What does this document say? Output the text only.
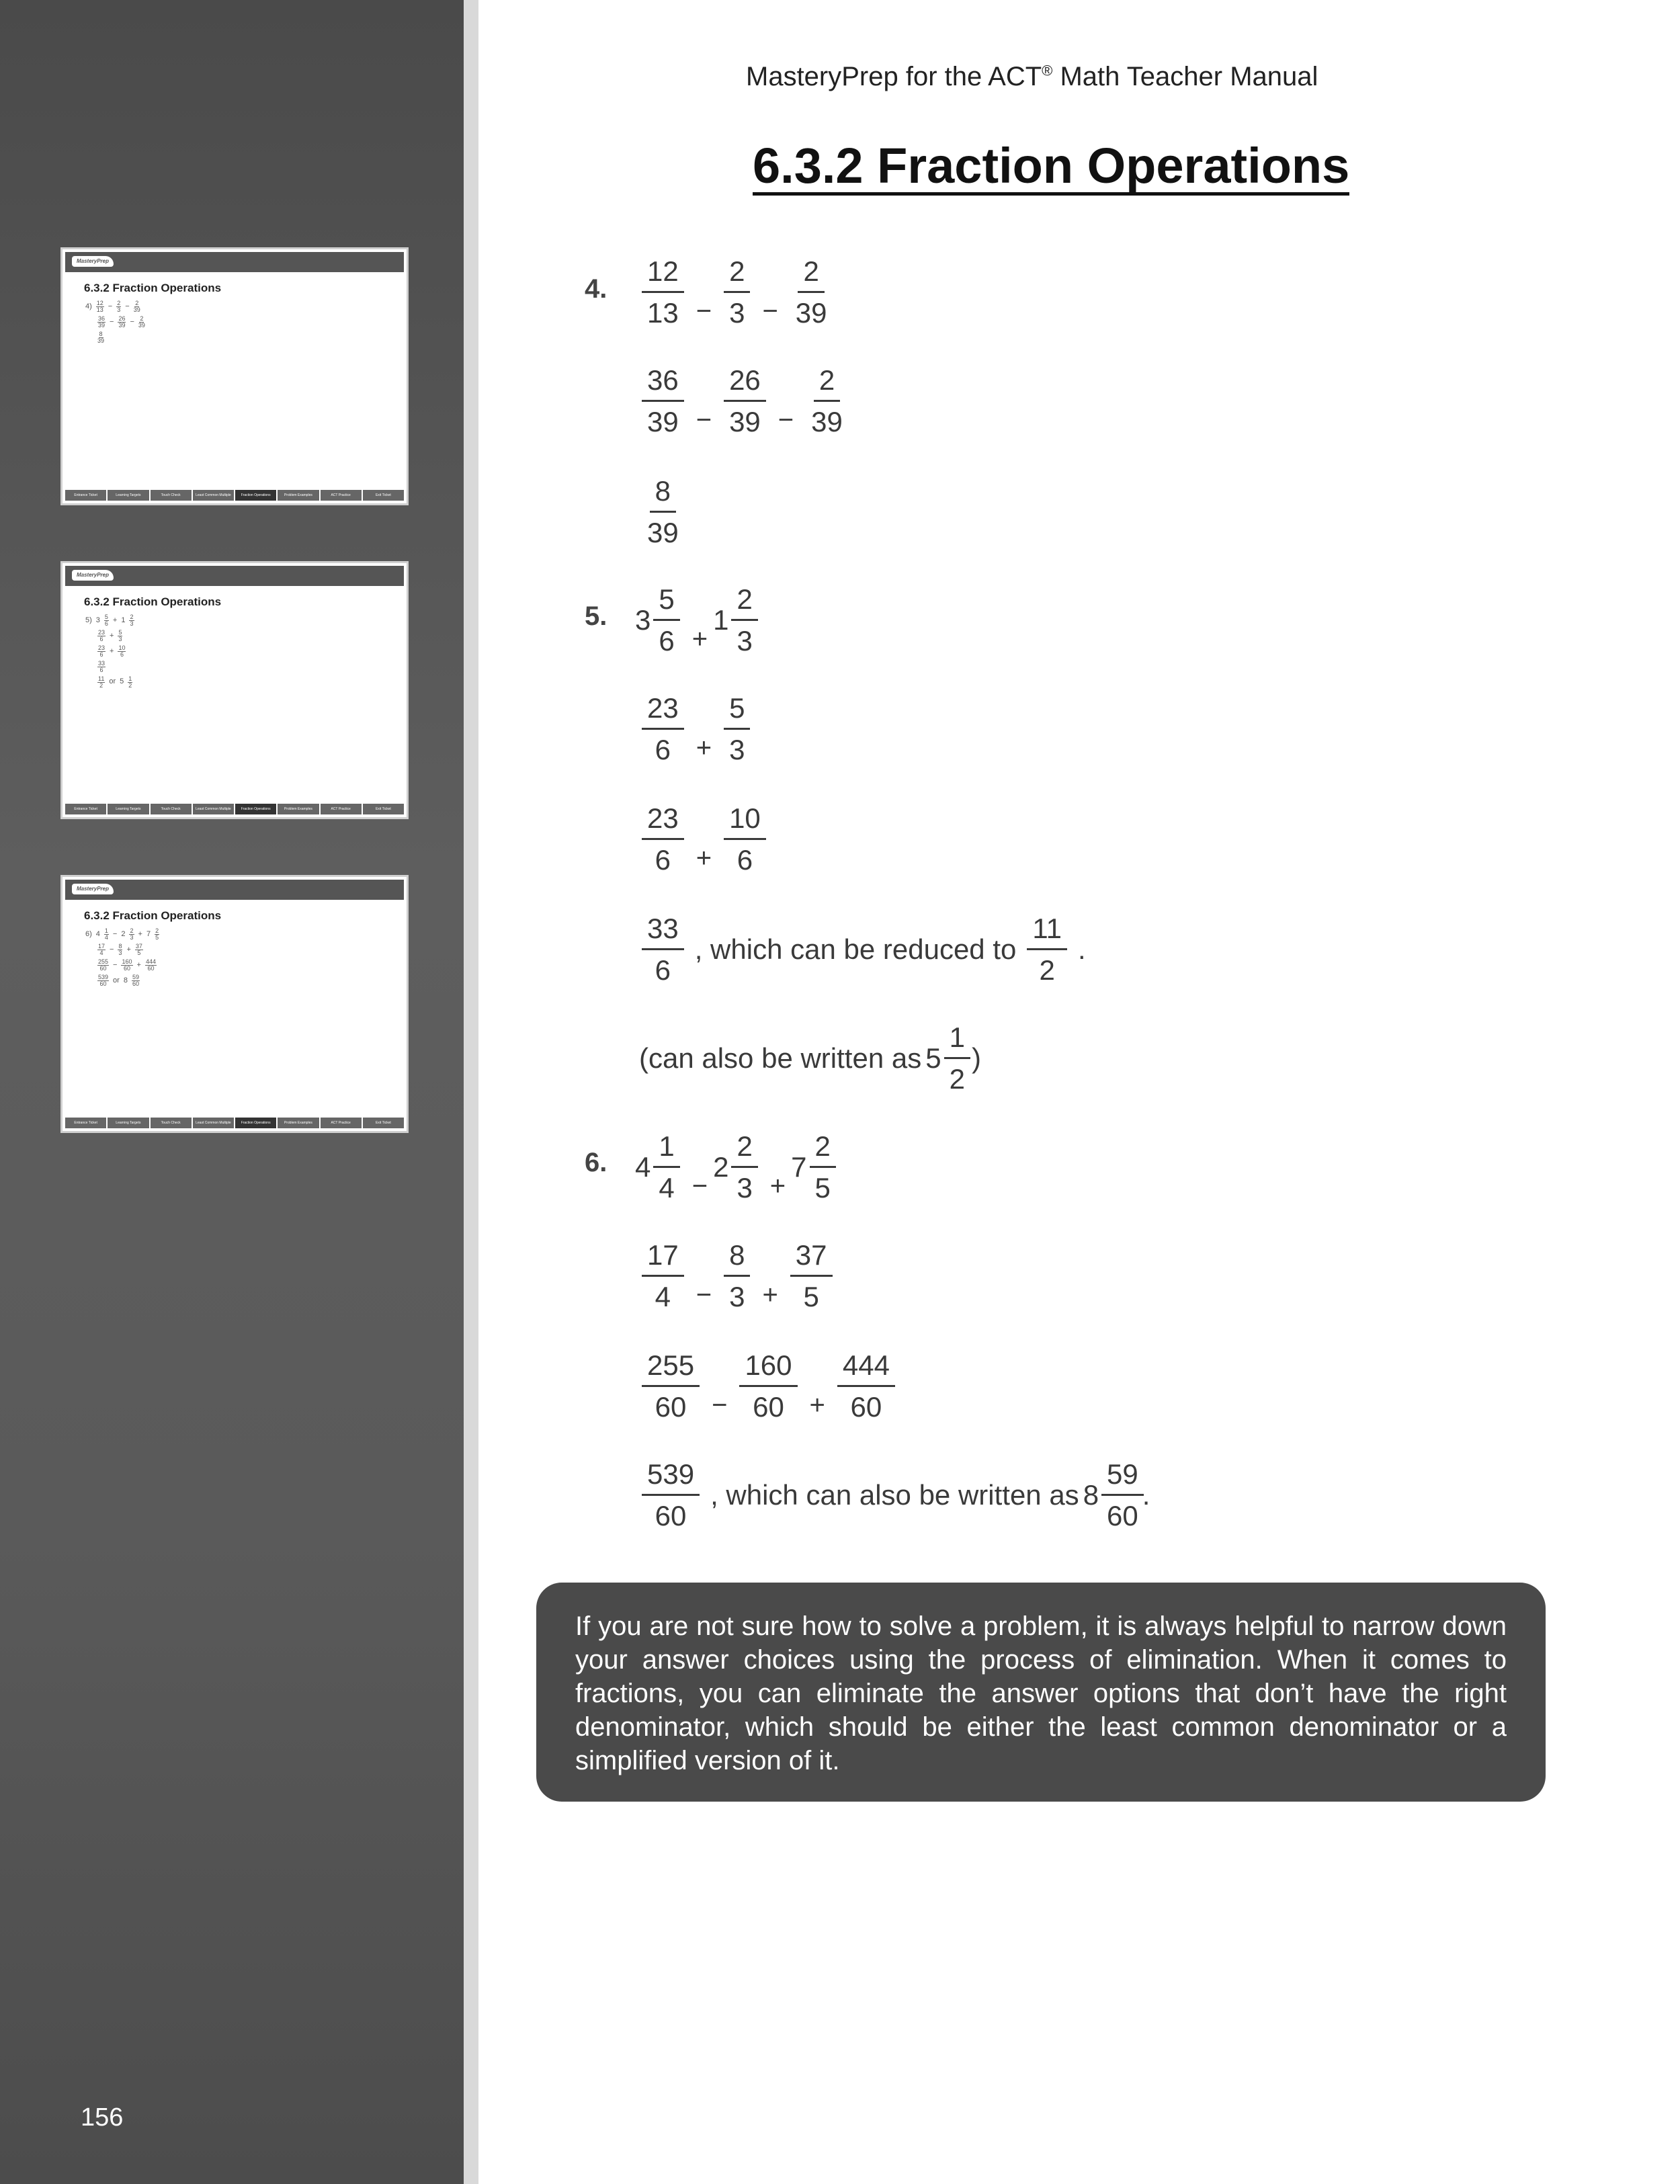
MasteryPrep
6.3.2 Fraction Operations
$4) \frac{12}{13} - \frac{2}{3} - \frac{2}{39}$
$\frac{36}{39} - \frac{26}{39} - \frac{2}{39}$
$\frac{8}{39}$
Entrance Ticket	Learning Targets	Touch Check	Least Common Multiple	Fraction Operations	Problem Examples	ACT Practice	Exit Ticket
MasteryPrep
6.3.2 Fraction Operations
5) $3 \frac{5}{6} + 1 \frac{2}{3}$
$\frac{23}{6} + \frac{5}{3}$
$\frac{23}{6} + \frac{10}{6}$
$\frac{33}{6}$
$\frac{11}{2}$ or $5 \frac{1}{2}$
Entrance Ticket	Learning Targets	Touch Check	Least Common Multiple	Fraction Operations	Problem Examples	ACT Practice	Exit Ticket
MasteryPrep
6.3.2 Fraction Operations
6) $4 \frac{1}{4} - 2 \frac{2}{3} + 7 \frac{2}{5}$
$\frac{17}{4} - \frac{8}{3} + \frac{37}{5}$
$\frac{255}{60} - \frac{160}{60} + \frac{444}{60}$
$\frac{539}{60}$ or $8 \frac{59}{60}$
Entrance Ticket	Learning Targets	Touch Check	Least Common Multiple	Fraction Operations	Problem Examples	ACT Practice	Exit Ticket
156
MasteryPrep for the ACT® Math Teacher Manual
6.3.2 Fraction Operations
4. $\frac{12}{13} - \frac{2}{3} - \frac{2}{39}$
$\frac{36}{39} - \frac{26}{39} - \frac{2}{39}$
$\frac{8}{39}$
5. $3 \frac{5}{6}$ +
$1 \frac{2}{3}$
$\frac{23}{6} + \frac{5}{3}$
$\frac{23}{6} + \frac{10}{6}$
$\frac{33}{6}$ , which can be reduced to $\frac{11}{2}$ .
(can also be written as $5 \frac{1}{2}$ )
6. $4 \frac{1}{4}$ −
$2 \frac{2}{3}$ +
$7 \frac{2}{5}$
$\frac{17}{4} - \frac{8}{3} + \frac{37}{5}$
$\frac{255}{60} - \frac{160}{60} + \frac{444}{60}$
$\frac{539}{60}$ , which can also be written as $8 \frac{59}{60}$
.
If you are not sure how to solve a problem, it is always helpful to narrow down your answer choices using the process of elimination. When it comes to fractions, you can eliminate the answer options that don’t have the right denominator, which should be either the least common denominator or a simplified version of it.
